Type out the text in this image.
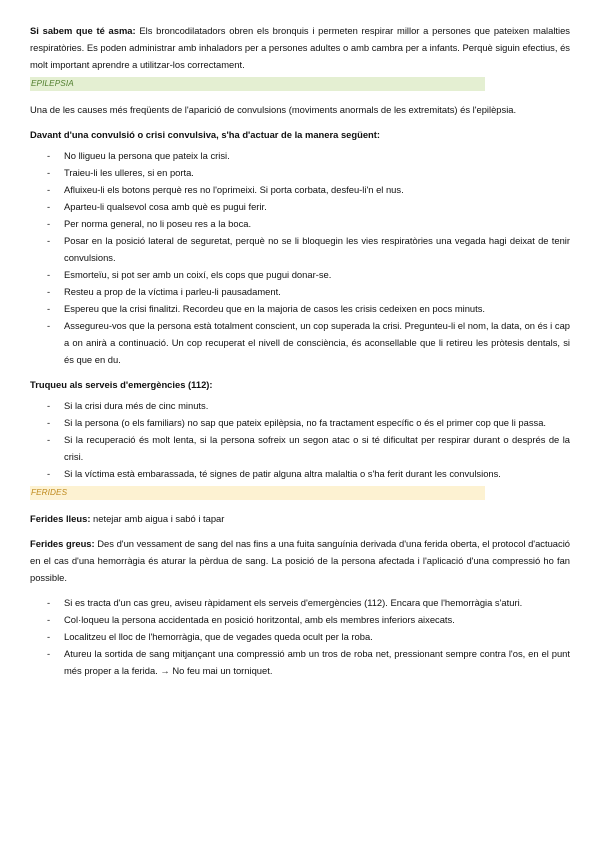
Si sabem que té asma: Els broncodilatadors obren els bronquis i permeten respirar millor a persones que pateixen malalties respiratòries. Es poden administrar amb inhaladors per a persones adultes o amb cambra per a infants. Perquè siguin efectius, és molt important aprendre a utilitzar-los correctament.

EPILEPSIA

Una de les causes més freqüents de l'aparició de convulsions (moviments anormals de les extremitats) és l'epilèpsia.

Davant d'una convulsió o crisi convulsiva, s'ha d'actuar de la manera següent:

- No lligueu la persona que pateix la crisi.
- Traieu-li les ulleres, si en porta.
- Afluixeu-li els botons perquè res no l'oprimeixi. Si porta corbata, desfeu-li'n el nus.
- Aparteu-li qualsevol cosa amb què es pugui ferir.
- Per norma general, no li poseu res a la boca.
- Posar en la posició lateral de seguretat, perquè no se li bloquegin les vies respiratòries una vegada hagi deixat de tenir convulsions.
- Esmorteïu, si pot ser amb un coixí, els cops que pugui donar-se.
- Resteu a prop de la víctima i parleu-li pausadament.
- Espereu que la crisi finalitzi. Recordeu que en la majoria de casos les crisis cedeixen en pocs minuts.
- Assegureu-vos que la persona està totalment conscient, un cop superada la crisi. Pregunteu-li el nom, la data, on és i cap a on anirà a continuació. Un cop recuperat el nivell de consciència, és aconsellable que li retireu les pròtesis dentals, si és que en du.

Truqueu als serveis d'emergències (112):

- Si la crisi dura més de cinc minuts.
- Si la persona (o els familiars) no sap que pateix epilèpsia, no fa tractament específic o és el primer cop que li passa.
- Si la recuperació és molt lenta, si la persona sofreix un segon atac o si té dificultat per respirar durant o després de la crisi.
- Si la víctima està embarassada, té signes de patir alguna altra malaltia o s'ha ferit durant les convulsions.
FERIDES

Ferides lleus: netejar amb aigua i sabó i tapar

Ferides greus: Des d'un vessament de sang del nas fins a una fuita sanguínia derivada d'una ferida oberta, el protocol d'actuació en el cas d'una hemorràgia és aturar la pèrdua de sang. La posició de la persona afectada i l'aplicació d'una compressió ho fan possible.

- Si es tracta d'un cas greu, aviseu ràpidament els serveis d'emergències (112). Encara que l'hemorràgia s'aturi.
- Col·loqueu la persona accidentada en posició horitzontal, amb els membres inferiors aixecats.
- Localitzeu el lloc de l'hemorràgia, que de vegades queda ocult per la roba.
- Atureu la sortida de sang mitjançant una compressió amb un tros de roba net, pressionant sempre contra l'os, en el punt més proper a la ferida. → No feu mai un torniquet.
